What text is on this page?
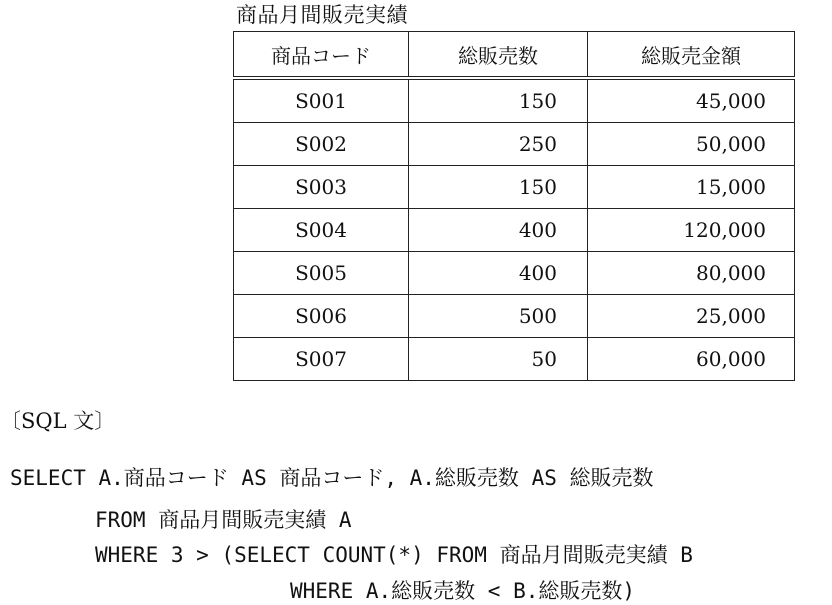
商品月間販売実績
商品コード	総販売数	総販売金額
S001	150	45,000
S002	250	50,000
S003	150	15,000
S004	400	120,000
S005	400	80,000
S006	500	25,000
S007	50	60,000
〔SQL 文〕
SELECT A.商品コード AS 商品コード, A.総販売数 AS 総販売数
FROM 商品月間販売実績 A
WHERE 3 > (SELECT COUNT(*) FROM 商品月間販売実績 B
WHERE A.総販売数 < B.総販売数)
